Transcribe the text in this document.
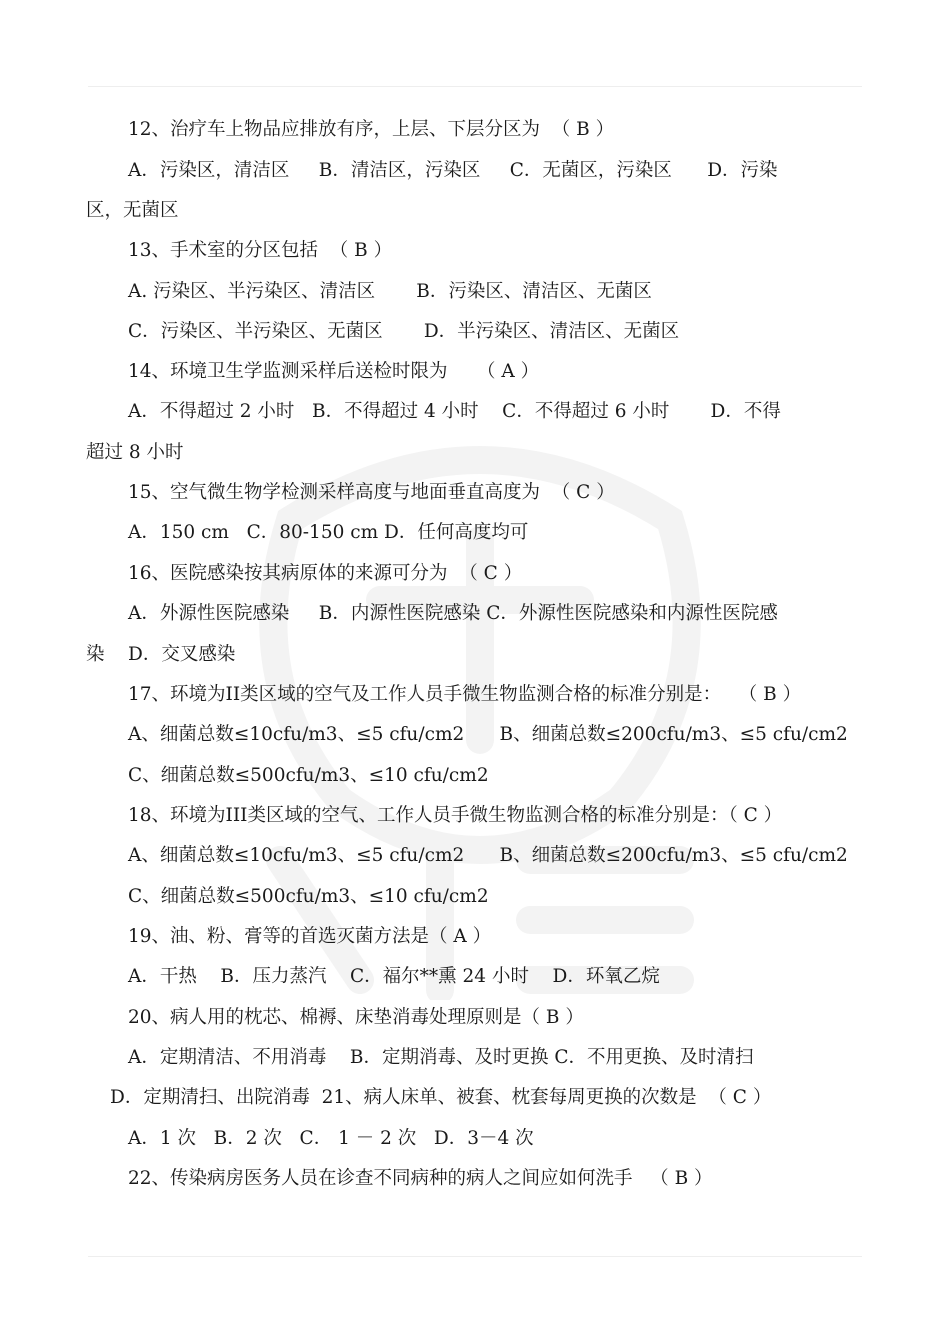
12、治疗车上物品应排放有序，上层、下层分区为  （ B ）
A．污染区，清洁区     B．清洁区，污染区     C．无菌区，污染区      D．污染
区，无菌区
13、手术室的分区包括  （ B ）
A. 污染区、半污染区、清洁区       B．污染区、清洁区、无菌区
C．污染区、半污染区、无菌区       D．半污染区、清洁区、无菌区
14、环境卫生学监测采样后送检时限为     （ A ）
A．不得超过 2 小时   B．不得超过 4 小时    C．不得超过 6 小时       D．不得
超过 8 小时
15、空气微生物学检测采样高度与地面垂直高度为  （ C ）
A．150 cm   C．80-150 cm D．任何高度均可
16、医院感染按其病原体的来源可分为  （ C ）
A．外源性医院感染     B．内源性医院感染 C．外源性医院感染和内源性医院感
染    D．交叉感染
17、环境为II类区域的空气及工作人员手微生物监测合格的标准分别是：   （ B ）
A、细菌总数≤10cfu/m3、≤5 cfu/cm2      B、细菌总数≤200cfu/m3、≤5 cfu/cm2
C、细菌总数≤500cfu/m3、≤10 cfu/cm2
18、环境为III类区域的空气、工作人员手微生物监测合格的标准分别是：（ C ）
A、细菌总数≤10cfu/m3、≤5 cfu/cm2      B、细菌总数≤200cfu/m3、≤5 cfu/cm2
C、细菌总数≤500cfu/m3、≤10 cfu/cm2
19、油、粉、膏等的首选灭菌方法是（ A ）
A．干热    B．压力蒸汽    C．福尔**熏 24 小时    D．环氧乙烷
20、病人用的枕芯、棉褥、床垫消毒处理原则是（ B ）
A．定期清洁、不用消毒    B．定期消毒、及时更换 C．不用更换、及时清扫
D．定期清扫、出院消毒  21、病人床单、被套、枕套每周更换的次数是  （ C ）
A．1 次   B．2 次   C． 1 － 2 次   D．3－4 次
22、传染病房医务人员在诊查不同病种的病人之间应如何洗手   （ B ）
